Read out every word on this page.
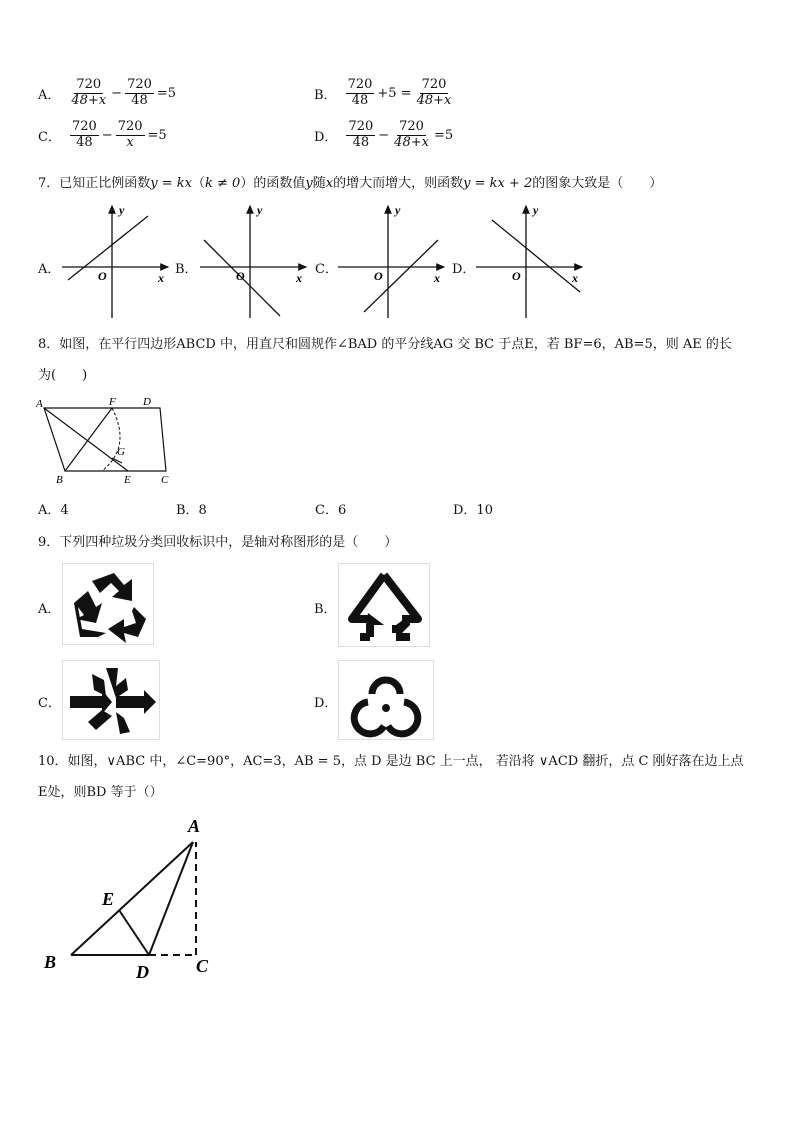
A． $\frac{720}{48+x} - \frac{720}{48} =5$	B． $\frac{720}{48} +5 = \frac{720}{48+x}$
C． $\frac{720}{48} - \frac{720}{x} =5$	D． $\frac{720}{48} - \frac{720}{48+x} =5$
7．已知正比例函数y = kx（k ≠ 0）的函数值y随x的增大而增大，则函数y = kx + 2的图象大致是（　　）
A．	B．	C．	D．
y
x
O
y
x
O
y
x
O
y
x
O
8．如图，在平行四边形ABCD 中，用直尺和圆规作∠BAD 的平分线AG 交 BC 于点E，若 BF=6，AB=5，则 AE 的长
为(　　)
A	F D
G
B	E	C
A．4	B．8	C．6	D．10
9．下列四种垃圾分类回收标识中，是轴对称图形的是（　　）
A．	B．
C．	D．
10．如图，∨ABC 中，∠C=90°，AC=3，AB = 5，点 D 是边 BC 上一点， 若沿将 ∨ACD 翻折，点 C 刚好落在边上点
E处，则BD 等于（）
A
E
B	D	C
